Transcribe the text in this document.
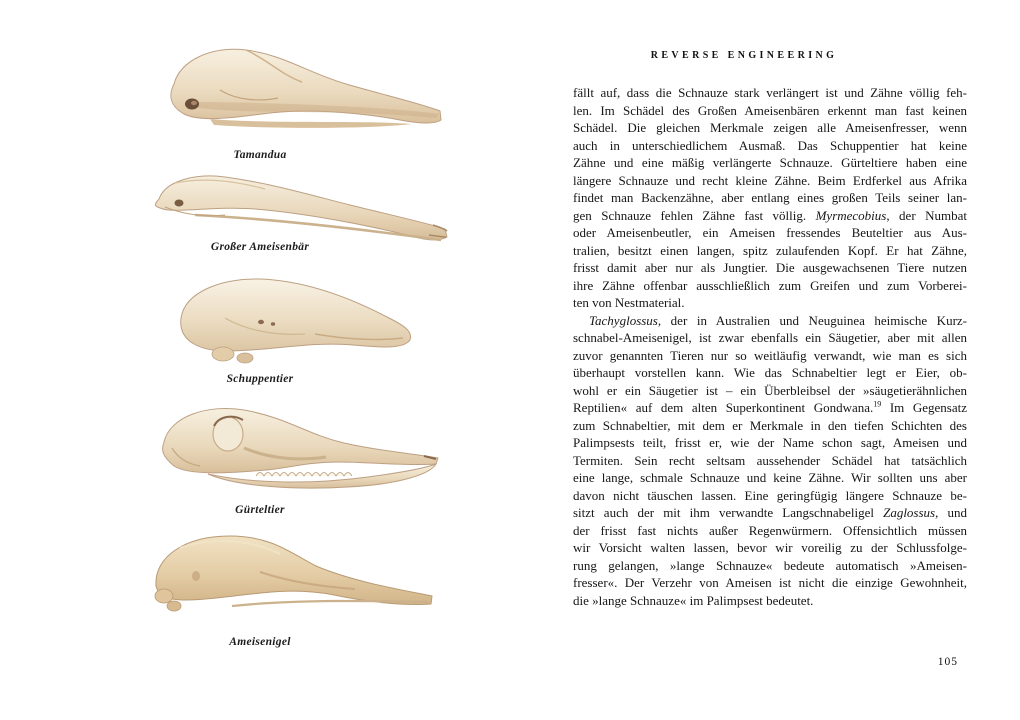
REVERSE ENGINEERING
Tamandua
Großer Ameisenbär
Schuppentier
Gürteltier
Ameisenigel
fällt auf, dass die Schnauze stark verlängert ist und Zähne völlig feh-
len. Im Schädel des Großen Ameisenbären erkennt man fast keinen
Schädel. Die gleichen Merkmale zeigen alle Ameisenfresser, wenn
auch in unterschiedlichem Ausmaß. Das Schuppentier hat keine
Zähne und eine mäßig verlängerte Schnauze. Gürteltiere haben eine
längere Schnauze und recht kleine Zähne. Beim Erdferkel aus Afrika
findet man Backenzähne, aber entlang eines großen Teils seiner lan-
gen Schnauze fehlen Zähne fast völlig. Myrmecobius, der Numbat
oder Ameisenbeutler, ein Ameisen fressendes Beuteltier aus Aus-
tralien, besitzt einen langen, spitz zulaufenden Kopf. Er hat Zähne,
frisst damit aber nur als Jungtier. Die ausgewachsenen Tiere nutzen
ihre Zähne offenbar ausschließlich zum Greifen und zum Vorberei-
ten von Nestmaterial.
Tachyglossus, der in Australien und Neuguinea heimische Kurz-
schnabel-Ameisenigel, ist zwar ebenfalls ein Säugetier, aber mit allen
zuvor genannten Tieren nur so weitläufig verwandt, wie man es sich
überhaupt vorstellen kann. Wie das Schnabeltier legt er Eier, ob-
wohl er ein Säugetier ist – ein Überbleibsel der »säugetierähnlichen
Reptilien« auf dem alten Superkontinent Gondwana.$^{19}$ Im Gegensatz
zum Schnabeltier, mit dem er Merkmale in den tiefen Schichten des
Palimpsests teilt, frisst er, wie der Name schon sagt, Ameisen und
Termiten. Sein recht seltsam aussehender Schädel hat tatsächlich
eine lange, schmale Schnauze und keine Zähne. Wir sollten uns aber
davon nicht täuschen lassen. Eine geringfügig längere Schnauze be-
sitzt auch der mit ihm verwandte Langschnabeligel Zaglossus, und
der frisst fast nichts außer Regenwürmern. Offensichtlich müssen
wir Vorsicht walten lassen, bevor wir voreilig zu der Schlussfolge-
rung gelangen, »lange Schnauze« bedeute automatisch »Ameisen-
fresser«. Der Verzehr von Ameisen ist nicht die einzige Gewohnheit,
die »lange Schnauze« im Palimpsest bedeutet.
105
